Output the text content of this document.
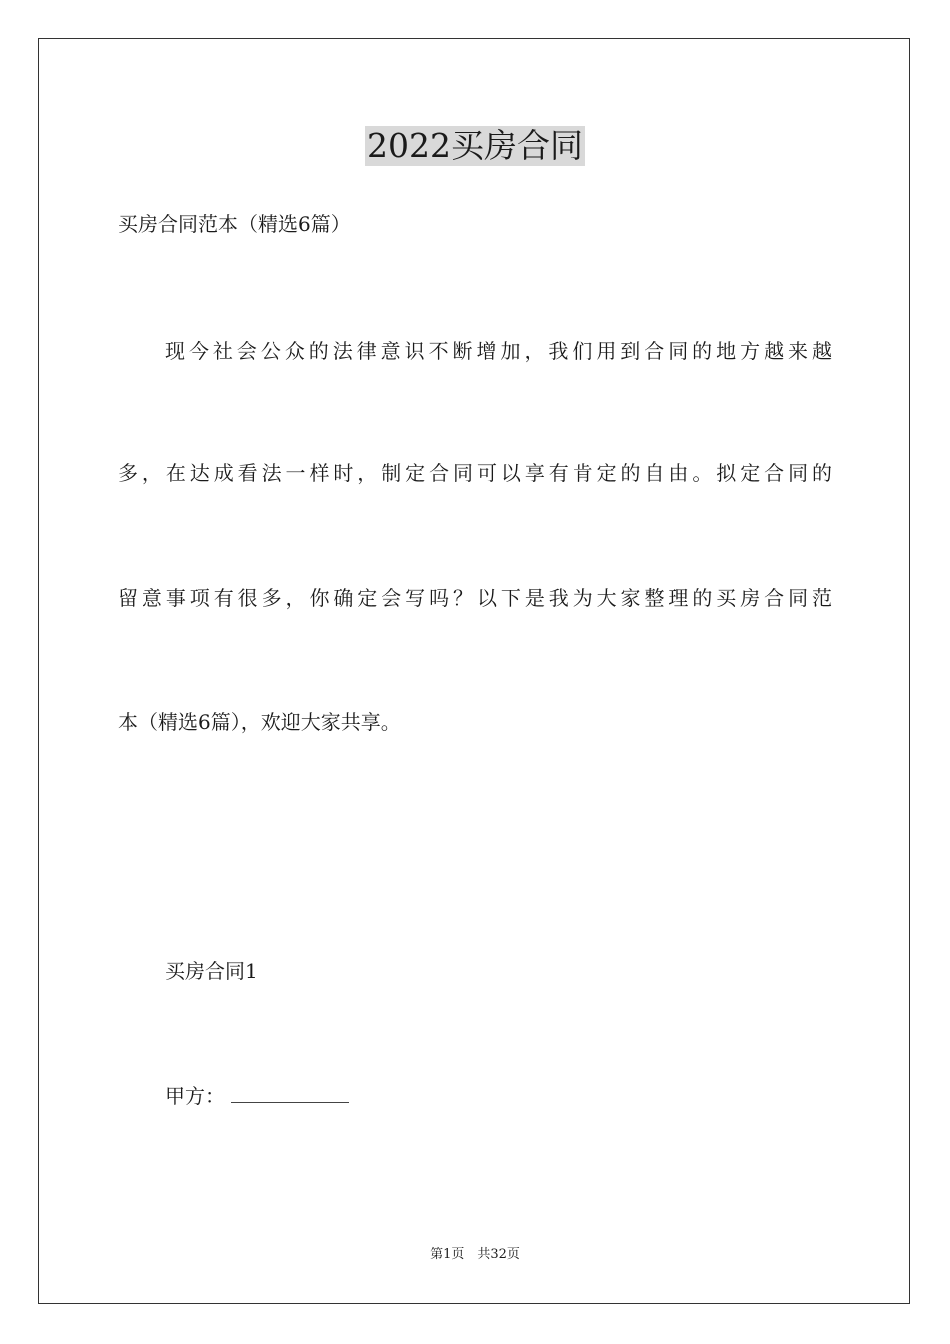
2022买房合同
买房合同范本（精选6篇）
现今社会公众的法律意识不断增加，我们用到合同的地方越来越
多，在达成看法一样时，制定合同可以享有肯定的自由。拟定合同的
留意事项有很多，你确定会写吗？以下是我为大家整理的买房合同范
本（精选6篇），欢迎大家共享。
买房合同1
甲方：
第1页　共32页
